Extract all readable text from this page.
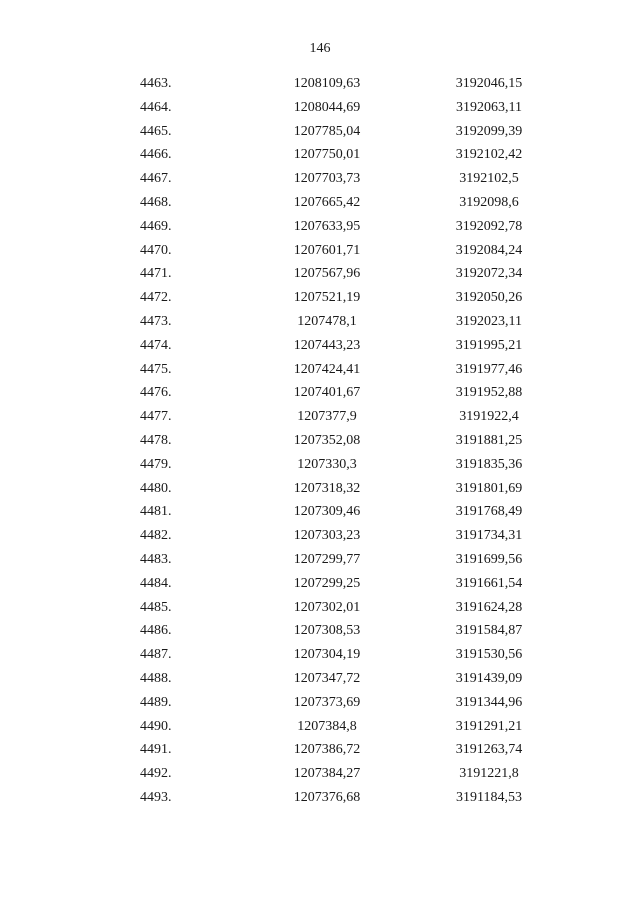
146
4463.	1208109,63	3192046,15
4464.	1208044,69	3192063,11
4465.	1207785,04	3192099,39
4466.	1207750,01	3192102,42
4467.	1207703,73	3192102,5
4468.	1207665,42	3192098,6
4469.	1207633,95	3192092,78
4470.	1207601,71	3192084,24
4471.	1207567,96	3192072,34
4472.	1207521,19	3192050,26
4473.	1207478,1	3192023,11
4474.	1207443,23	3191995,21
4475.	1207424,41	3191977,46
4476.	1207401,67	3191952,88
4477.	1207377,9	3191922,4
4478.	1207352,08	3191881,25
4479.	1207330,3	3191835,36
4480.	1207318,32	3191801,69
4481.	1207309,46	3191768,49
4482.	1207303,23	3191734,31
4483.	1207299,77	3191699,56
4484.	1207299,25	3191661,54
4485.	1207302,01	3191624,28
4486.	1207308,53	3191584,87
4487.	1207304,19	3191530,56
4488.	1207347,72	3191439,09
4489.	1207373,69	3191344,96
4490.	1207384,8	3191291,21
4491.	1207386,72	3191263,74
4492.	1207384,27	3191221,8
4493.	1207376,68	3191184,53
